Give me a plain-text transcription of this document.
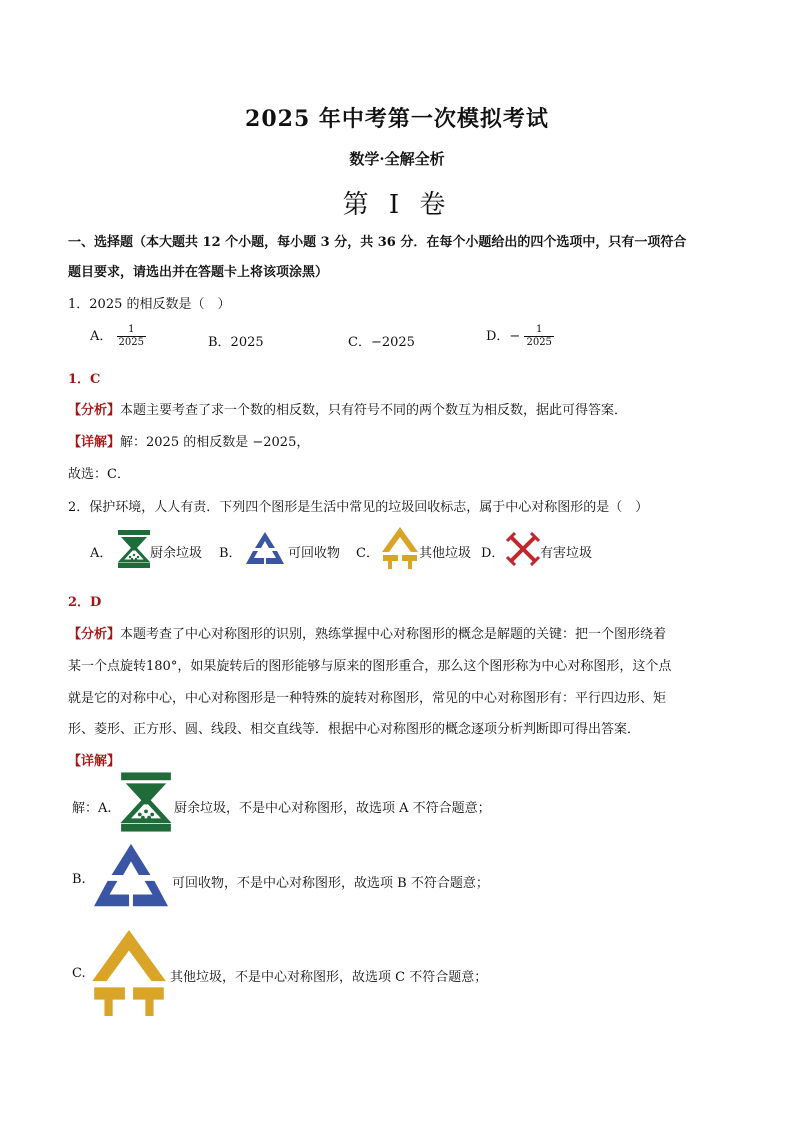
2025 年中考第一次模拟考试
数学·全解全析
第 I 卷
一、选择题（本大题共 12 个小题，每小题 3 分，共 36 分．在每个小题给出的四个选项中，只有一项符合
题目要求，请选出并在答题卡上将该项涂黑）
1．2025 的相反数是（　）
A． $\frac{1}{2025}$	B．2025	C．−2025	D．− $\frac{1}{2025}$
1．C
【分析】本题主要考查了求一个数的相反数，只有符号不同的两个数互为相反数，据此可得答案．
【详解】解：2025 的相反数是 −2025，
故选：C．
2．保护环境，人人有责．下列四个图形是生活中常见的垃圾回收标志，属于中心对称图形的是（　）
A．	厨余垃圾 B．	可回收物 C．	其他垃圾 D．	有害垃圾
2．D
【分析】本题考查了中心对称图形的识别，熟练掌握中心对称图形的概念是解题的关键：把一个图形绕着
某一个点旋转180°，如果旋转后的图形能够与原来的图形重合，那么这个图形称为中心对称图形，这个点
就是它的对称中心，中心对称图形是一种特殊的旋转对称图形，常见的中心对称图形有：平行四边形、矩
形、菱形、正方形、圆、线段、相交直线等．根据中心对称图形的概念逐项分析判断即可得出答案．
【详解】
解：A.	厨余垃圾，不是中心对称图形，故选项 A 不符合题意；
B.	可回收物，不是中心对称图形，故选项 B 不符合题意；
C.	其他垃圾，不是中心对称图形，故选项 C 不符合题意；
